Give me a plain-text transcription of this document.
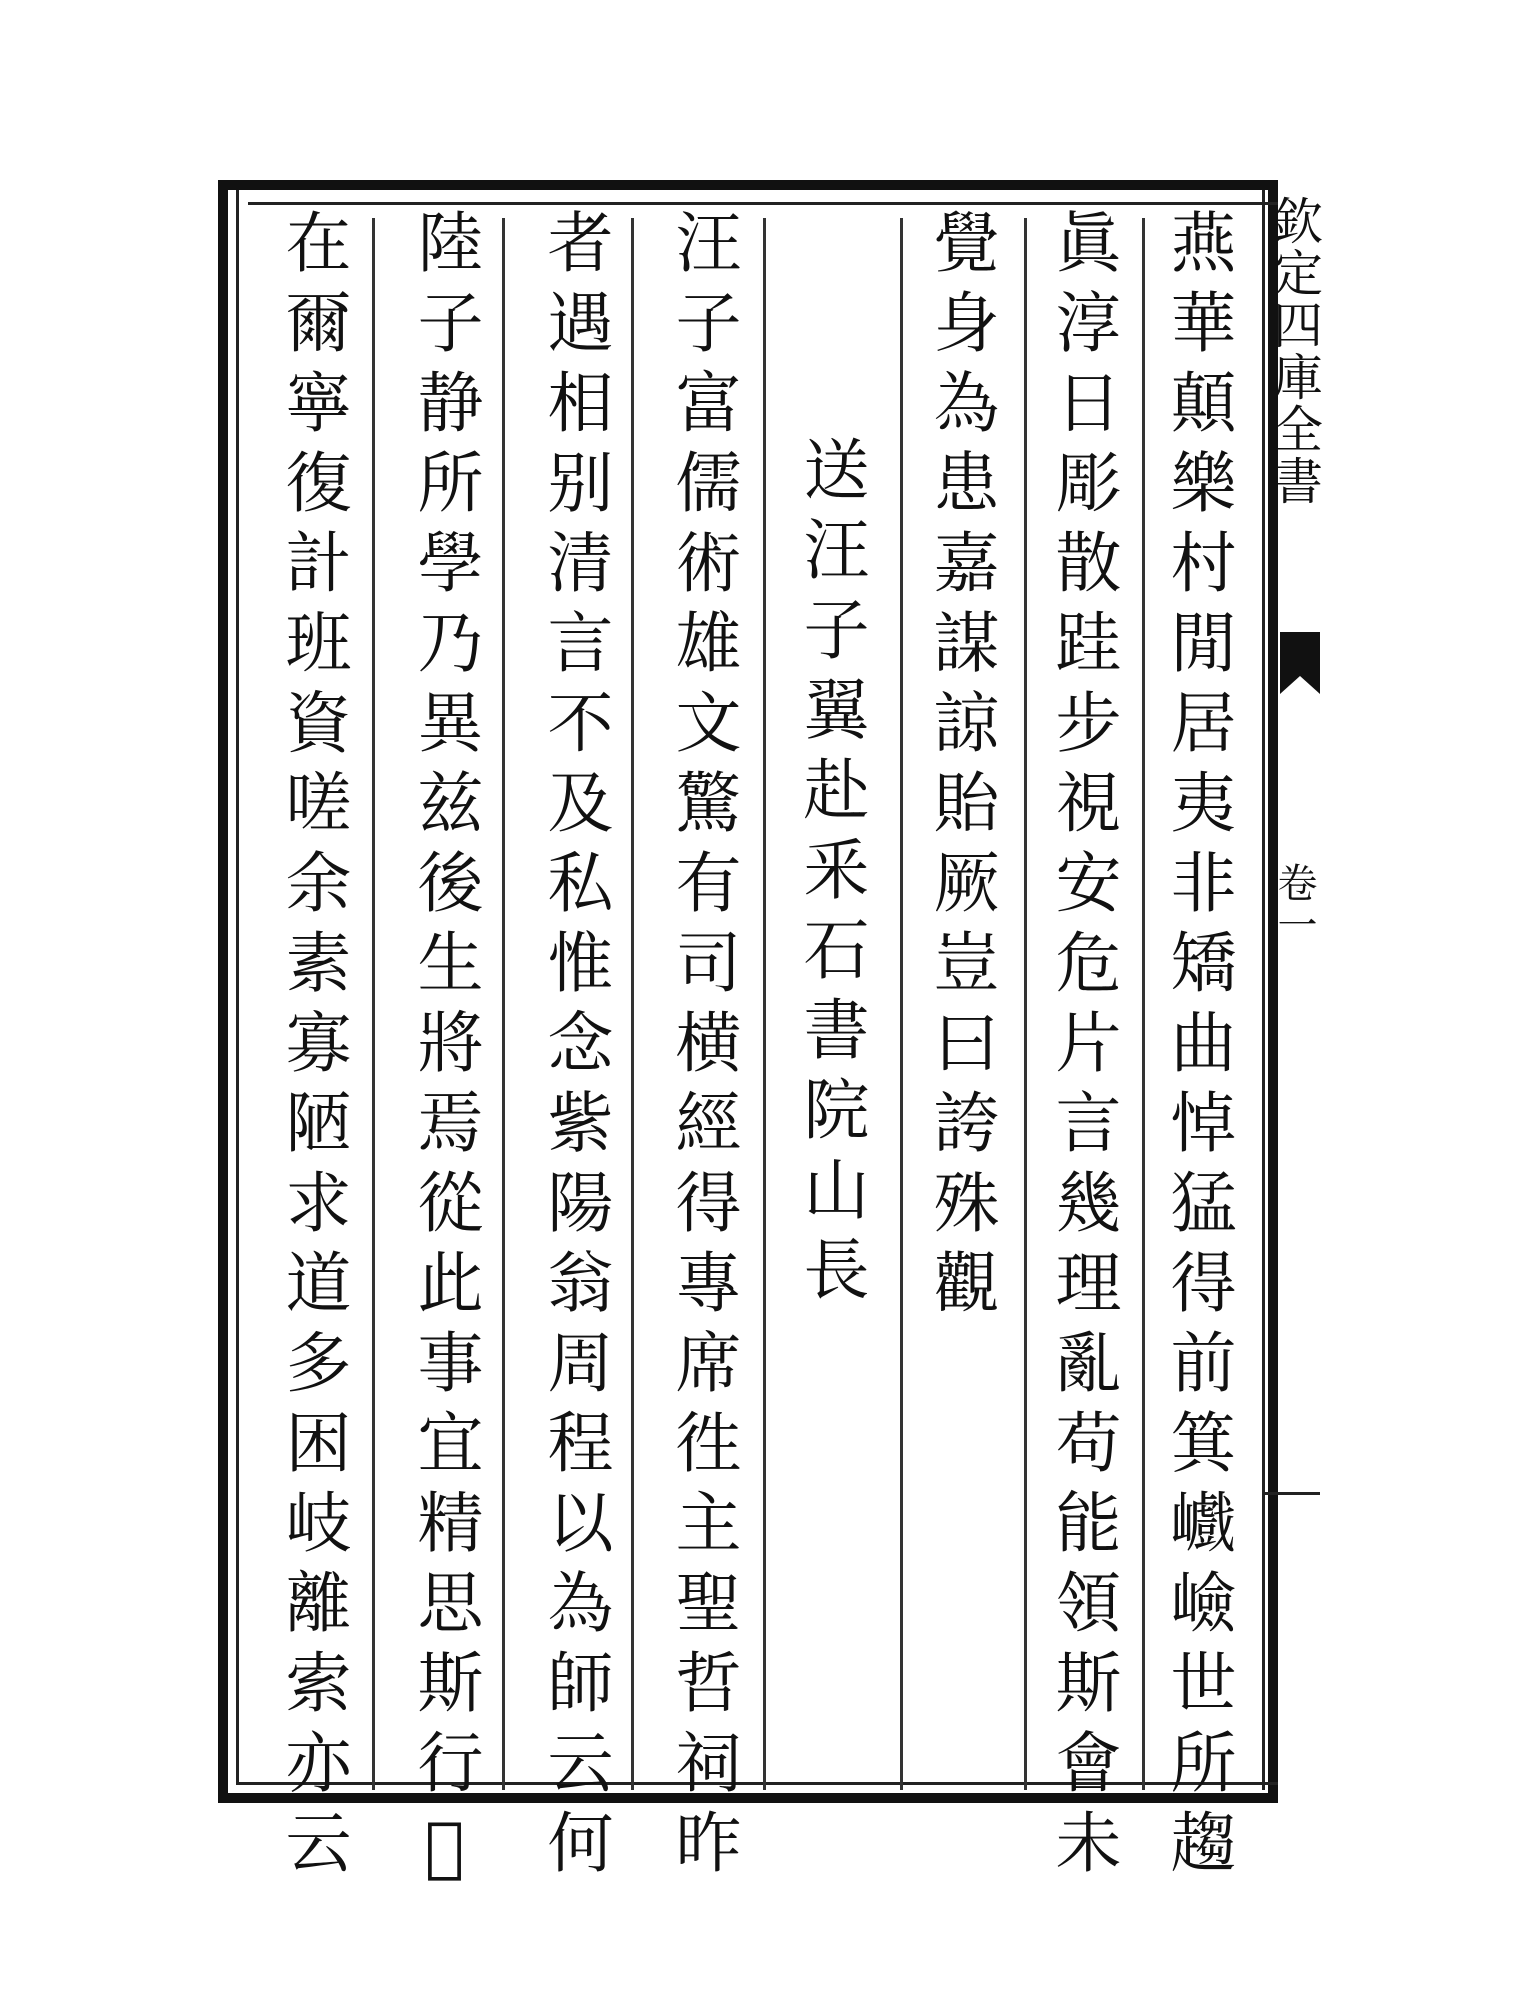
欽定四庫全書
卷一
燕華顛樂村閒居夷非矯曲悼猛得前箕巇嶮世所趨
眞淳日彫散跬步視安危片言幾理亂苟能領斯會未
覺身為患嘉謀諒貽厥豈曰誇殊觀
送汪子翼赴釆石書院山長
汪子富儒術雄文驚有司横經得專席徃主聖哲祠昨
者遇相别清言不及私惟念紫陽翁周程以為師云何
陸子静所學乃異兹後生將焉從此事宜精思斯行𢛷
在爾寧復計班資嗟余素寡陋求道多困岐離索亦云
